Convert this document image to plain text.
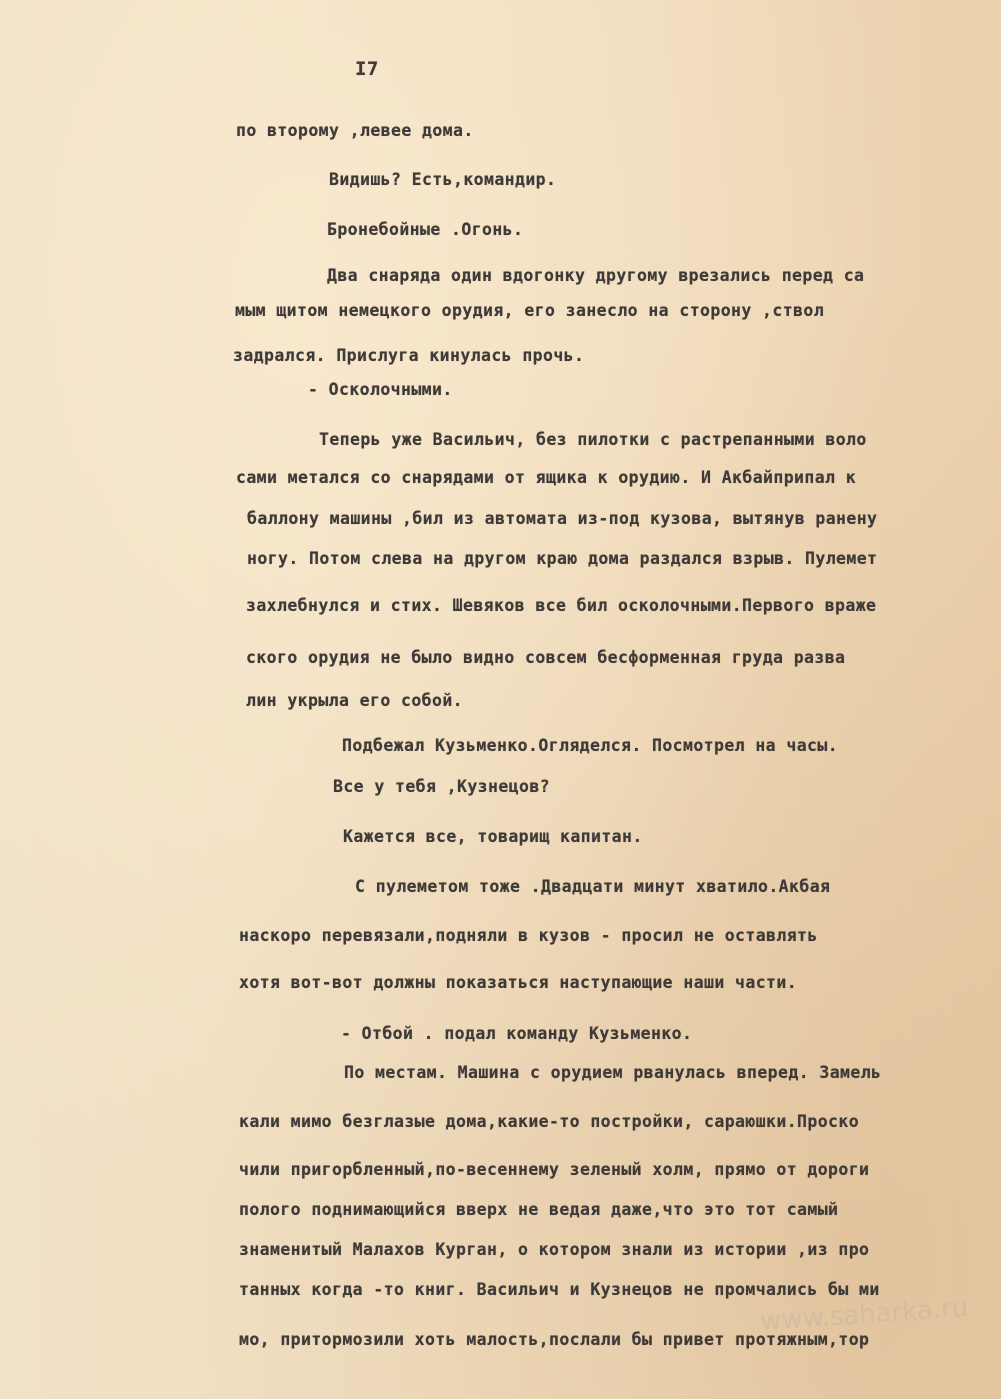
I7
по второму ,левее дома.
Видишь? Есть,командир.
Бронебойные .Огонь.
Два снаряда один вдогонку другому врезались перед са
мым щитом немецкого орудия, его занесло на сторону ,ствол
задрался. Прислуга кинулась прочь.
- Осколочными.
Теперь уже Васильич, без пилотки с растрепанными воло
сами метался со снарядами от ящика к орудию. И Акбайприпал к
баллону машины ,бил из автомата из-под кузова, вытянув ранену
ногу. Потом слева на другом краю дома раздался взрыв. Пулемет
захлебнулся и стих. Шевяков все бил осколочными.Первого враже
ского орудия не было видно совсем бесформенная груда разва
лин укрыла его собой.
Подбежал Кузьменко.Огляделся. Посмотрел на часы.
Все у тебя ,Кузнецов?
Кажется все, товарищ капитан.
С пулеметом тоже .Двадцати минут хватило.Акбая
наскоро перевязали,подняли в кузов - просил не оставлять
хотя вот-вот должны показаться наступающие наши части.
- Отбой . подал команду Кузьменко.
По местам. Машина с орудием рванулась вперед. Замель
кали мимо безглазые дома,какие-то постройки, сараюшки.Проско
чили пригорбленный,по-весеннему зеленый холм, прямо от дороги
полого поднимающийся вверх не ведая даже,что это тот самый
знаменитый Малахов Курган, о котором знали из истории ,из про
танных когда -то книг. Васильич и Кузнецов не промчались бы ми
мо, притормозили хоть малость,послали бы привет протяжным,тор
www.saharka.ru
